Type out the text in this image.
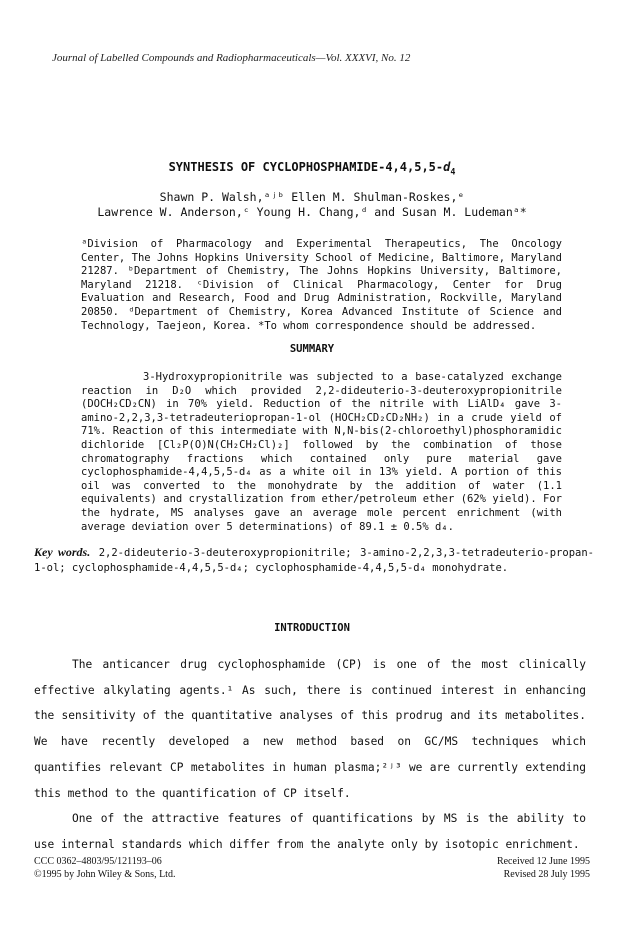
Journal of Labelled Compounds and Radiopharmaceuticals—Vol. XXXVI, No. 12
SYNTHESIS OF CYCLOPHOSPHAMIDE-$4,4,5,5-d_4$
Shawn P. Walsh,ᵃʲᵇ Ellen M. Shulman-Roskes,ᵉ
Lawrence W. Anderson,ᶜ Young H. Chang,ᵈ and Susan M. Ludemanᵃ*
ᵃDivision of Pharmacology and Experimental Therapeutics, The Oncology Center, The Johns Hopkins University School of Medicine, Baltimore, Maryland 21287. ᵇDepartment of Chemistry, The Johns Hopkins University, Baltimore, Maryland 21218. ᶜDivision of Clinical Pharmacology, Center for Drug Evaluation and Research, Food and Drug Administration, Rockville, Maryland 20850. ᵈDepartment of Chemistry, Korea Advanced Institute of Science and Technology, Taejeon, Korea. *To whom correspondence should be addressed.
SUMMARY
3-Hydroxypropionitrile was subjected to a base-catalyzed exchange reaction in D₂O which provided 2,2-dideuterio-3-deuteroxypropionitrile (DOCH₂CD₂CN) in 70% yield. Reduction of the nitrile with LiAlD₄ gave 3-amino-2,2,3,3-tetradeuteriopropan-1-ol (HOCH₂CD₂CD₂NH₂) in a crude yield of 71%. Reaction of this intermediate with N,N-bis(2-chloroethyl)phosphoramidic dichloride [Cl₂P(O)N(CH₂CH₂Cl)₂] followed by the combination of those chromatography fractions which contained only pure material gave cyclophosphamide-4,4,5,5-d₄ as a white oil in 13% yield. A portion of this oil was converted to the monohydrate by the addition of water (1.1 equivalents) and crystallization from ether/petroleum ether (62% yield). For the hydrate, MS analyses gave an average mole percent enrichment (with average deviation over 5 determinations) of 89.1 ± 0.5% d₄.
Key words. 2,2-dideuterio-3-deuteroxypropionitrile; 3-amino-2,2,3,3-tetradeuterio-propan-1-ol; cyclophosphamide-4,4,5,5-d₄; cyclophosphamide-4,4,5,5-d₄ monohydrate.
INTRODUCTION

The anticancer drug cyclophosphamide (CP) is one of the most clinically effective alkylating agents.¹ As such, there is continued interest in enhancing the sensitivity of the quantitative analyses of this prodrug and its metabolites. We have recently developed a new method based on GC/MS techniques which quantifies relevant CP metabolites in human plasma;²ʲ³ we are currently extending this method to the quantification of CP itself.

One of the attractive features of quantifications by MS is the ability to use internal standards which differ from the analyte only by isotopic enrichment.

CCC 0362–4803/95/121193–06
©1995 by John Wiley & Sons, Ltd.
Received 12 June 1995
Revised 28 July 1995
